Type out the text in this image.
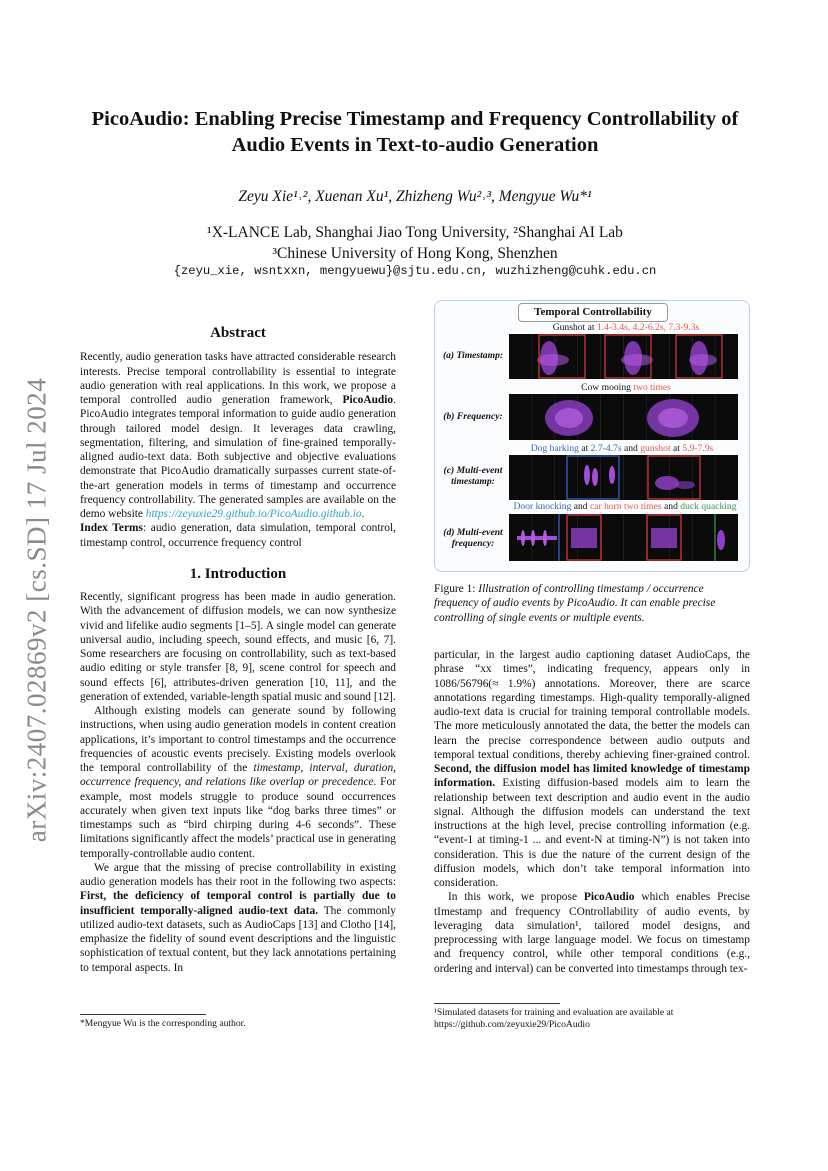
arXiv:2407.02869v2 [cs.SD] 17 Jul 2024
PicoAudio: Enabling Precise Timestamp and Frequency Controllability of
Audio Events in Text-to-audio Generation
Zeyu Xie¹˒², Xuenan Xu¹, Zhizheng Wu²˒³, Mengyue Wu*¹
¹X-LANCE Lab, Shanghai Jiao Tong University, ²Shanghai AI Lab
³Chinese University of Hong Kong, Shenzhen
{zeyu_xie, wsntxxn, mengyuewu}@sjtu.edu.cn, wuzhizheng@cuhk.edu.cn
Abstract

Recently, audio generation tasks have attracted considerable research interests. Precise temporal controllability is essential to integrate audio generation with real applications. In this work, we propose a temporal controlled audio generation framework, PicoAudio. PicoAudio integrates temporal information to guide audio generation through tailored model design. It leverages data crawling, segmentation, filtering, and simulation of fine-grained temporally-aligned audio-text data. Both subjective and objective evaluations demonstrate that PicoAudio dramatically surpasses current state-of-the-art generation models in terms of timestamp and occurrence frequency controllability. The generated samples are available on the demo website https://zeyuxie29.github.io/PicoAudio.github.io.

Index Terms: audio generation, data simulation, temporal control, timestamp control, occurrence frequency control

1. Introduction

Recently, significant progress has been made in audio generation. With the advancement of diffusion models, we can now synthesize vivid and lifelike audio segments [1–5]. A single model can generate universal audio, including speech, sound effects, and music [6, 7]. Some researchers are focusing on controllability, such as text-based audio editing or style transfer [8, 9], scene control for speech and sound effects [6], attributes-driven generation [10, 11], and the generation of extended, variable-length spatial music and sound [12].

Although existing models can generate sound by following instructions, when using audio generation models in content creation applications, it’s important to control timestamps and the occurrence frequencies of acoustic events precisely. Existing models overlook the temporal controllability of the timestamp, interval, duration, occurrence frequency, and relations like overlap or precedence. For example, most models struggle to produce sound occurrences accurately when given text inputs like “dog barks three times” or timestamps such as “bird chirping during 4-6 seconds”. These limitations significantly affect the models’ practical use in generating temporally-controllable audio content.

We argue that the missing of precise controllability in existing audio generation models has their root in the following two aspects: First, the deficiency of temporal control is partially due to insufficient temporally-aligned audio-text data. The commonly utilized audio-text datasets, such as AudioCaps [13] and Clotho [14], emphasize the fidelity of sound event descriptions and the linguistic sophistication of textual content, but they lack annotations pertaining to temporal aspects. In

Temporal Controllability
Gunshot at 1.4-3.4s, 4.2-6.2s, 7.3-9.3s
(a) Timestamp:
Cow mooing two times
(b) Frequency:
Dog barking at 2.7-4.7s and gunshot at 5.9-7.9s
(c) Multi-event
timestamp:
Door knocking and car horn two times and duck quacking
(d) Multi-event
frequency:
Figure 1: Illustration of controlling timestamp / occurrence frequency of audio events by PicoAudio. It can enable precise controlling of single events or multiple events.

particular, in the largest audio captioning dataset AudioCaps, the phrase “xx times”, indicating frequency, appears only in 1086/56796(≈ 1.9%) annotations. Moreover, there are scarce annotations regarding timestamps. High-quality temporally-aligned audio-text data is crucial for training temporal controllable models. The more meticulously annotated the data, the better the models can learn the precise correspondence between audio outputs and temporal textual conditions, thereby achieving finer-grained control. Second, the diffusion model has limited knowledge of timestamp information. Existing diffusion-based models aim to learn the relationship between text description and audio event in the audio signal. Although the diffusion models can understand the text instructions at the high level, precise controlling information (e.g. “event-1 at timing-1 ... and event-N at timing-N”) is not taken into consideration. This is due the nature of the current design of the diffusion models, which don’t take temporal information into consideration.

In this work, we propose PicoAudio which enables Precise tImestamp and frequency COntrollability of audio events, by leveraging data simulation¹, tailored model designs, and preprocessing with large language model. We focus on timestamp and frequency control, while other temporal conditions (e.g., ordering and interval) can be converted into timestamps through tex-

*Mengyue Wu is the corresponding author.
¹Simulated datasets for training and evaluation are available at https://github.com/zeyuxie29/PicoAudio
